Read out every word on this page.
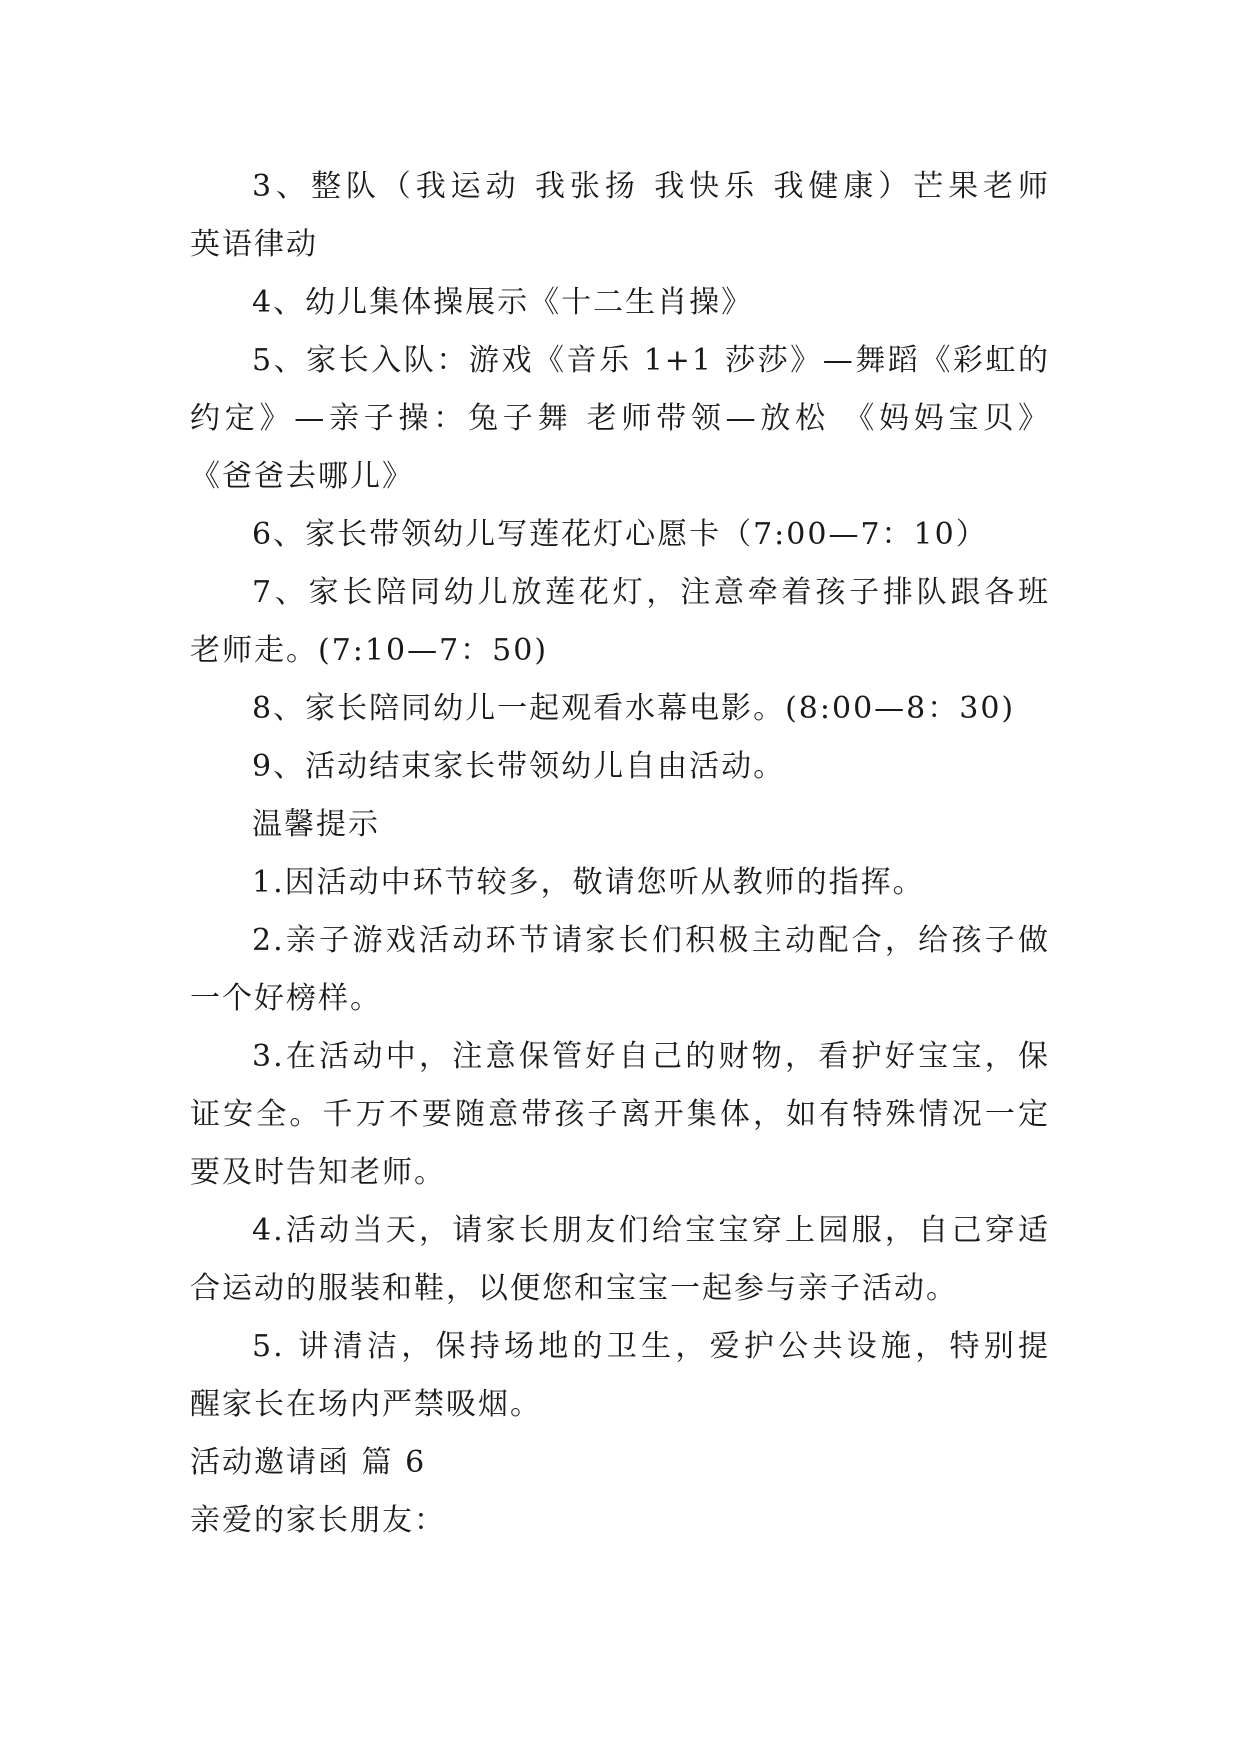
3、整队（我运动 我张扬 我快乐 我健康）芒果老师
英语律动
4、幼儿集体操展示《十二生肖操》
5、家长入队：游戏《音乐 1+1 莎莎》—舞蹈《彩虹的
约定》—亲子操：兔子舞 老师带领—放松 《妈妈宝贝》
《爸爸去哪儿》
6、家长带领幼儿写莲花灯心愿卡（7:00—7：10）
7、家长陪同幼儿放莲花灯，注意牵着孩子排队跟各班
老师走。(7:10—7：50)
8、家长陪同幼儿一起观看水幕电影。(8:00—8：30)
9、活动结束家长带领幼儿自由活动。
温馨提示
1.因活动中环节较多，敬请您听从教师的指挥。
2.亲子游戏活动环节请家长们积极主动配合，给孩子做
一个好榜样。
3.在活动中，注意保管好自己的财物，看护好宝宝，保
证安全。千万不要随意带孩子离开集体，如有特殊情况一定
要及时告知老师。
4.活动当天，请家长朋友们给宝宝穿上园服，自己穿适
合运动的服装和鞋，以便您和宝宝一起参与亲子活动。
5. 讲清洁，保持场地的卫生，爱护公共设施，特别提
醒家长在场内严禁吸烟。
活动邀请函 篇 6
亲爱的家长朋友：
